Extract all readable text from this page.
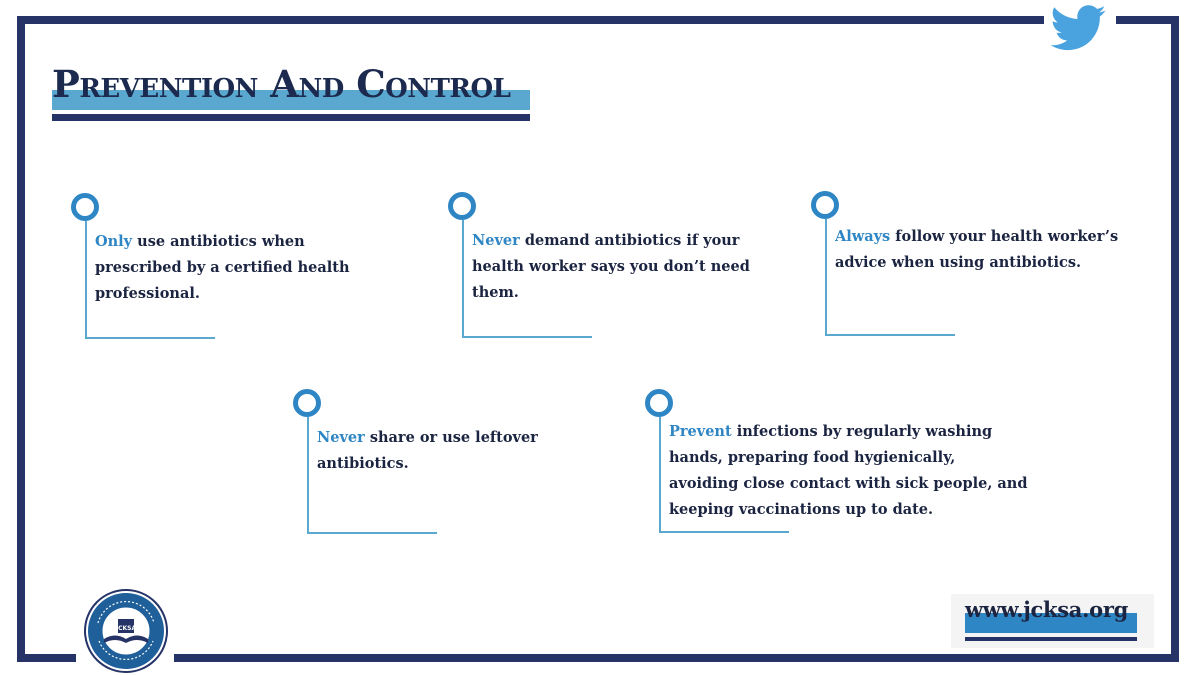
Prevention And Control
Only use antibiotics when prescribed by a certified health professional.
Never demand antibiotics if your health worker says you don’t need them.
Always follow your health worker’s advice when using antibiotics.
Never share or use leftover antibiotics.
Prevent infections by regularly washing hands, preparing food hygienically, avoiding close contact with sick people, and keeping vaccinations up to date.
www.jcksa.org
JCKSA
